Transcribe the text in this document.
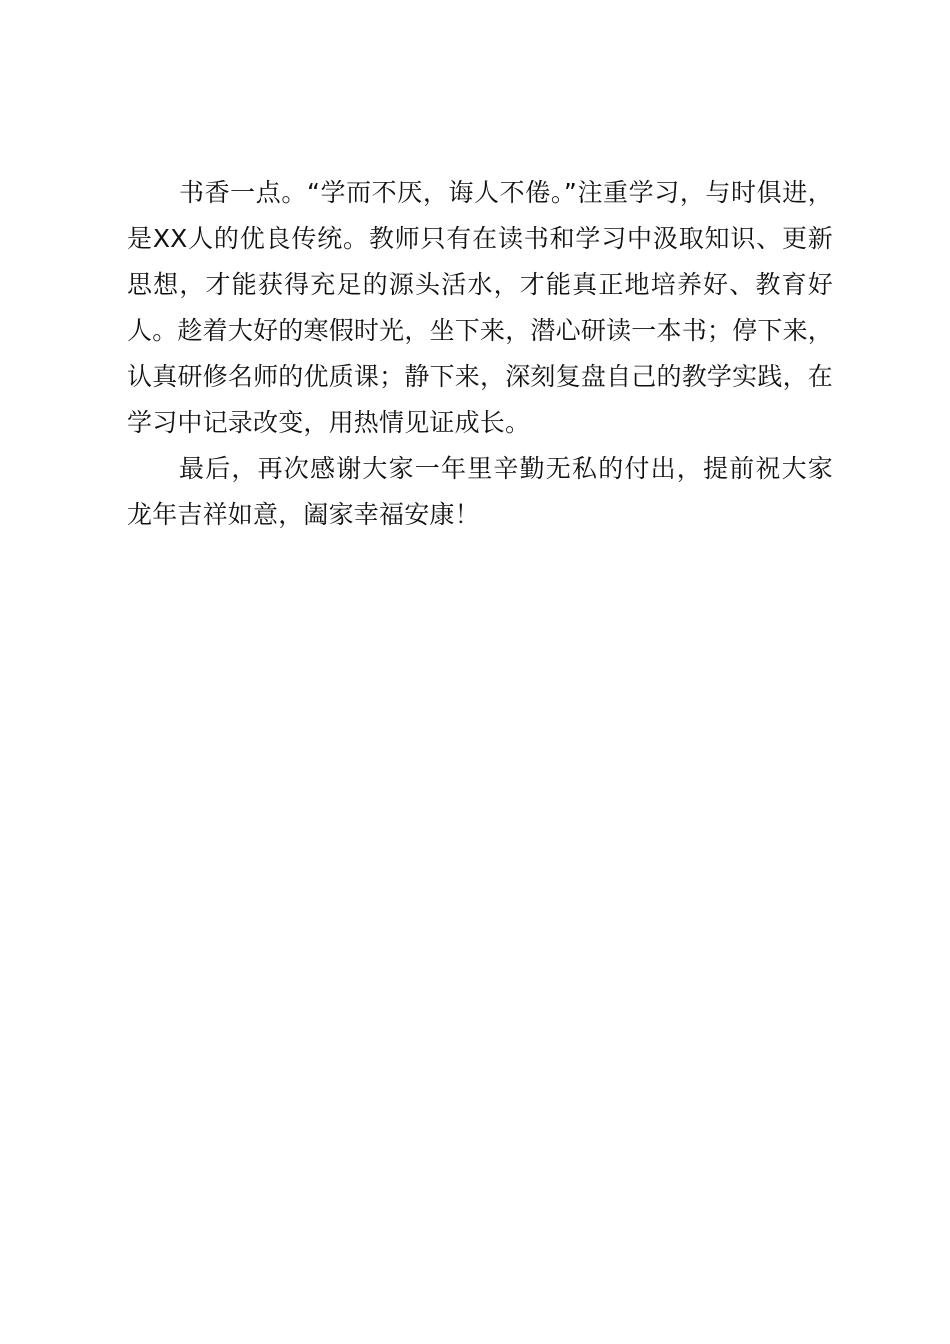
书香一点。“学而不厌，诲人不倦。”注重学习，与时俱进，是XX人的优良传统。教师只有在读书和学习中汲取知识、更新思想，才能获得充足的源头活水，才能真正地培养好、教育好人。趁着大好的寒假时光，坐下来，潜心研读一本书；停下来，认真研修名师的优质课；静下来，深刻复盘自己的教学实践，在学习中记录改变，用热情见证成长。

最后，再次感谢大家一年里辛勤无私的付出，提前祝大家龙年吉祥如意，阖家幸福安康！
